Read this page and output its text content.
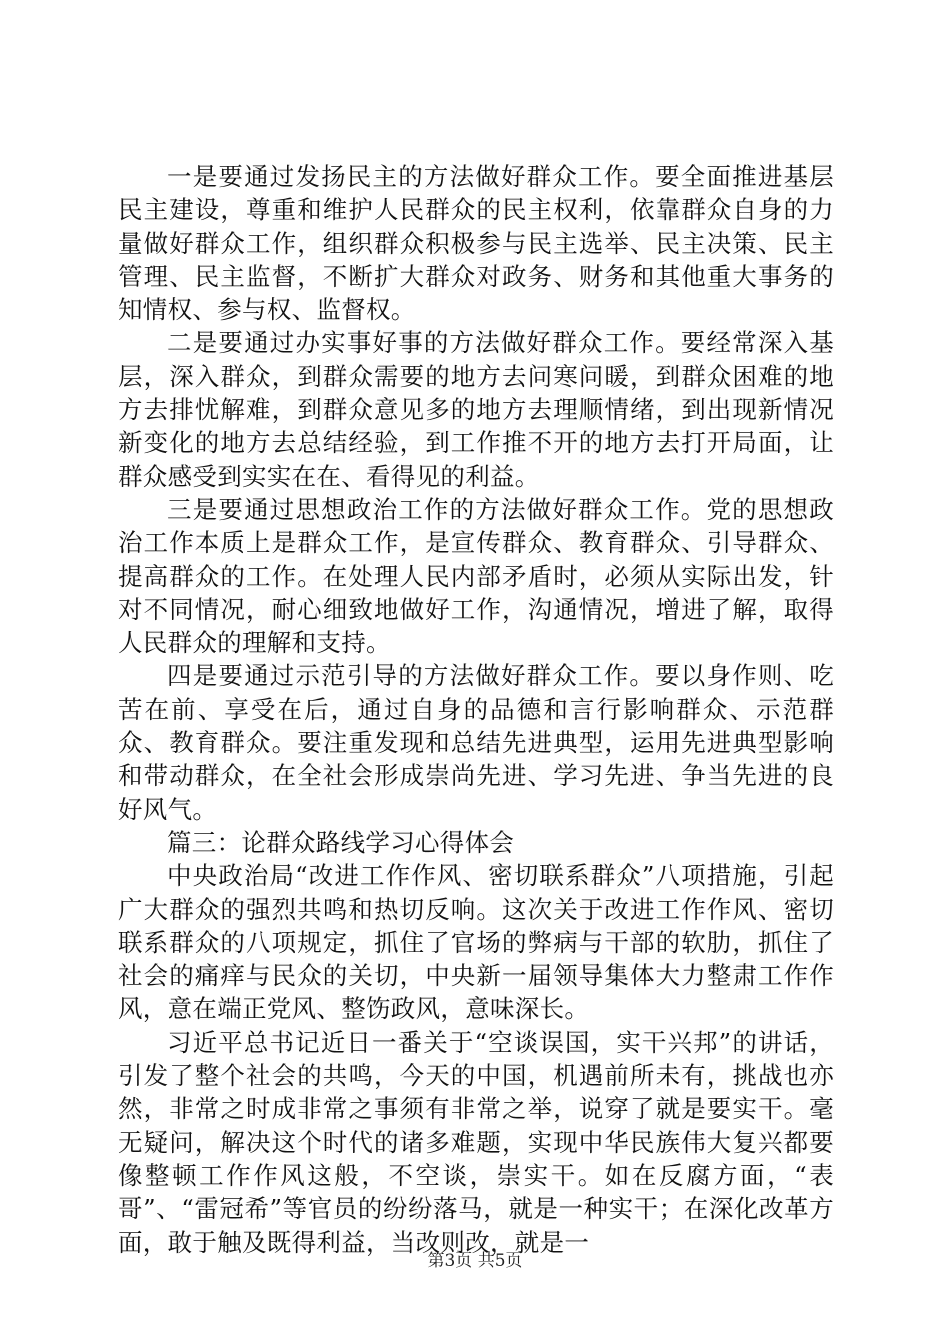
一是要通过发扬民主的方法做好群众工作。要全面推进基层民主建设，尊重和维护人民群众的民主权利，依靠群众自身的力量做好群众工作，组织群众积极参与民主选举、民主决策、民主管理、民主监督，不断扩大群众对政务、财务和其他重大事务的知情权、参与权、监督权。

二是要通过办实事好事的方法做好群众工作。要经常深入基层，深入群众，到群众需要的地方去问寒问暖，到群众困难的地方去排忧解难，到群众意见多的地方去理顺情绪，到出现新情况新变化的地方去总结经验，到工作推不开的地方去打开局面，让群众感受到实实在在、看得见的利益。

三是要通过思想政治工作的方法做好群众工作。党的思想政治工作本质上是群众工作，是宣传群众、教育群众、引导群众、提高群众的工作。在处理人民内部矛盾时，必须从实际出发，针对不同情况，耐心细致地做好工作，沟通情况，增进了解，取得人民群众的理解和支持。

四是要通过示范引导的方法做好群众工作。要以身作则、吃苦在前、享受在后，通过自身的品德和言行影响群众、示范群众、教育群众。要注重发现和总结先进典型，运用先进典型影响和带动群众，在全社会形成崇尚先进、学习先进、争当先进的良好风气。

篇三：论群众路线学习心得体会

中央政治局“改进工作作风、密切联系群众”八项措施，引起广大群众的强烈共鸣和热切反响。这次关于改进工作作风、密切联系群众的八项规定，抓住了官场的弊病与干部的软肋，抓住了社会的痛痒与民众的关切，中央新一届领导集体大力整肃工作作风，意在端正党风、整饬政风，意味深长。

习近平总书记近日一番关于“空谈误国，实干兴邦”的讲话，引发了整个社会的共鸣，今天的中国，机遇前所未有，挑战也亦然，非常之时成非常之事须有非常之举，说穿了就是要实干。毫无疑问，解决这个时代的诸多难题，实现中华民族伟大复兴都要像整顿工作作风这般，不空谈，崇实干。如在反腐方面，“表哥”、“雷冠希”等官员的纷纷落马，就是一种实干；在深化改革方面，敢于触及既得利益，当改则改，就是一

第3页 共5页
